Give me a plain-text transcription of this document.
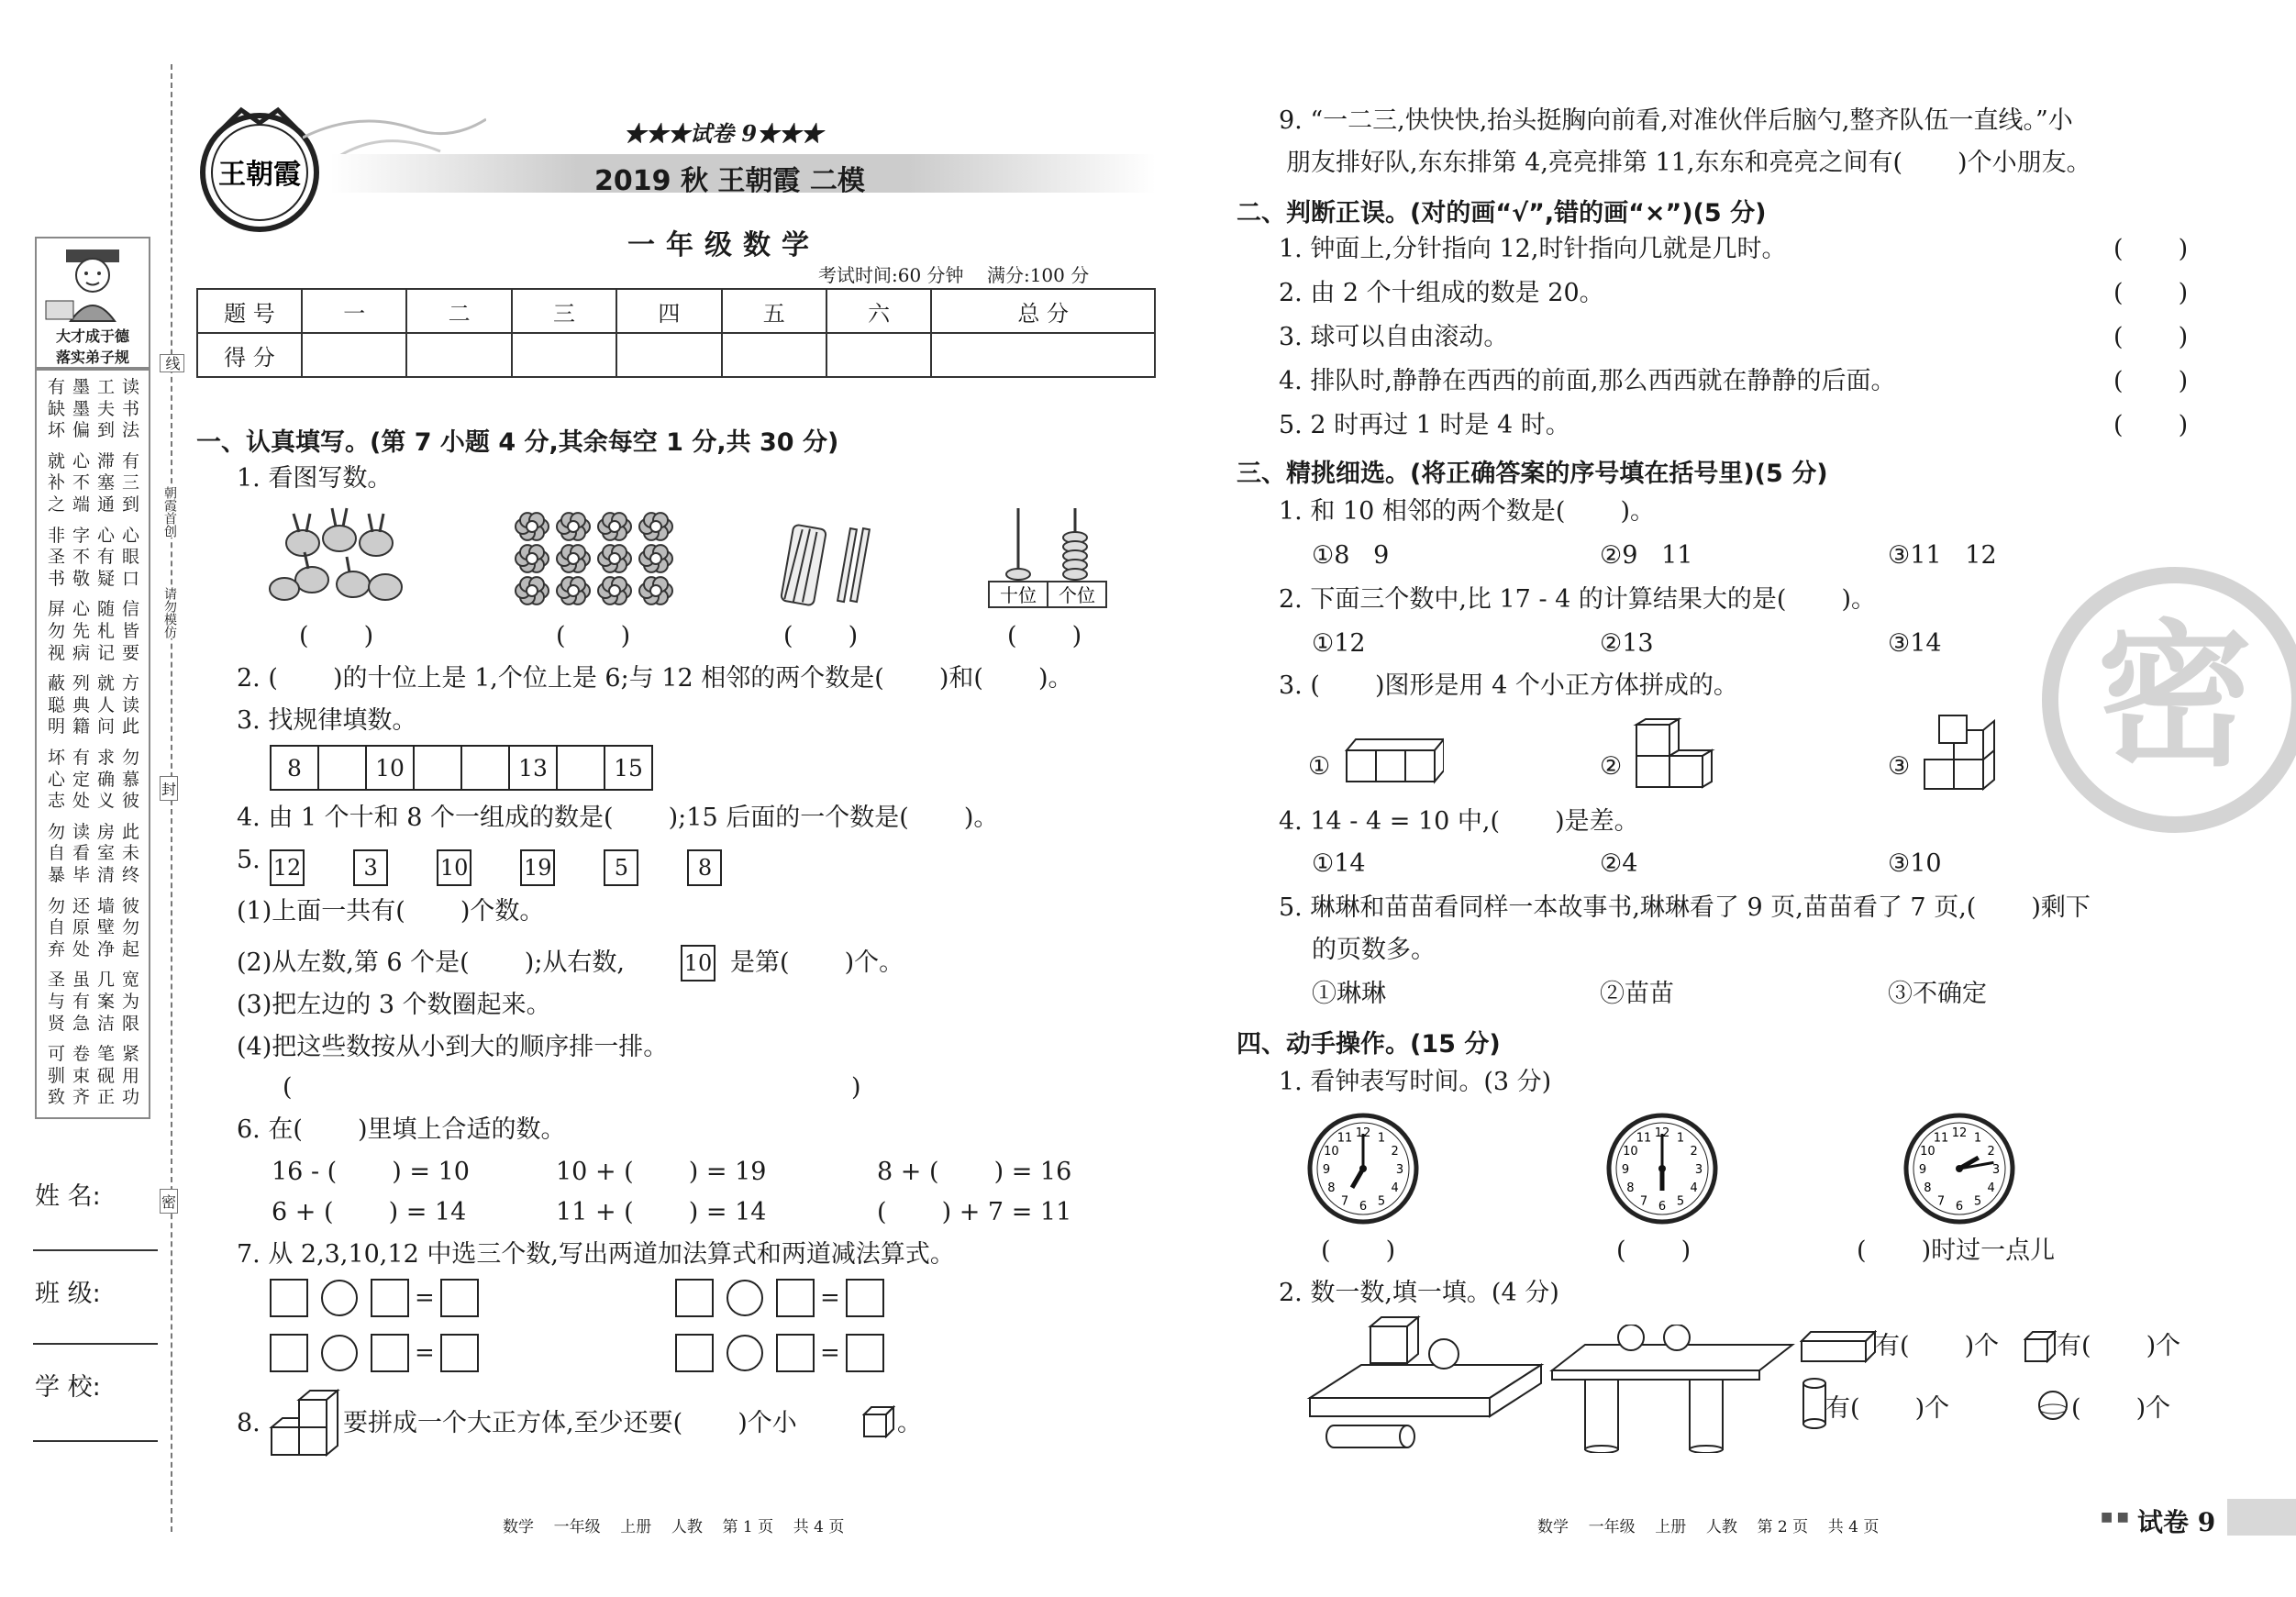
大才成于德
落实弟子规
有墨工读
缺墨夫书
坏偏到法
就心滞有
补不塞三
之端通到
非字心心
圣不有眼
书敬疑口
屏心随信
勿先札皆
视病记要
蔽列就方
聪典人读
明籍问此
坏有求勿
心定确慕
志处义彼
勿读房此
自看室未
暴毕清终
勿还墙彼
自原壁勿
弃处净起
圣虽几宽
与有案为
贤急洁限
可卷笔紧
驯束砚用
致齐正功
姓 名:
班 级:
学 校:
线
朝霞首创
请勿模仿
封
密
王朝霞
★★★试卷 9★★★
2019 秋 王朝霞 二模
一年级数学
考试时间:60 分钟    满分:100 分
题 号	一	二	三	四	五	六	总 分
得 分							
一、认真填写。(第 7 小题 4 分,其余每空 1 分,共 30 分)
1. 看图写数。
十位 个位
(       )	(       )	(       )	(       )
2. (       )的十位上是 1,个位上是 6;与 12 相邻的两个数是(       )和(       )。
3. 找规律填数。
8		10			13		15
4. 由 1 个十和 8 个一组成的数是(       );15 后面的一个数是(       )。
5. 12	3	10	19	5	8
(1)上面一共有(       )个数。
(2)从左数,第 6 个是(       );从右数,	10 是第(       )个。
(3)把左边的 3 个数圈起来。
(4)把这些数按从小到大的顺序排一排。
(	)
6. 在(       )里填上合适的数。
16 - (       ) = 10	10 + (       ) = 19	8 + (       ) = 16
6 + (       ) = 14	11 + (       ) = 14	(       ) + 7 = 11
7. 从 2,3,10,12 中选三个数,写出两道加法算式和两道减法算式。
=	=
=	=
8.	要拼成一个大正方体,至少还要(       )个小	。
数学    一年级    上册    人教    第 1 页    共 4 页
9. “一二三,快快快,抬头挺胸向前看,对准伙伴后脑勺,整齐队伍一直线。”小
朋友排好队,东东排第 4,亮亮排第 11,东东和亮亮之间有(       )个小朋友。
二、判断正误。(对的画“√”,错的画“×”)(5 分)
1. 钟面上,分针指向 12,时针指向几就是几时。	(       )
2. 由 2 个十组成的数是 20。	(       )
3. 球可以自由滚动。	(       )
4. 排队时,静静在西西的前面,那么西西就在静静的后面。	(       )
5. 2 时再过 1 时是 4 时。	(       )
三、精挑细选。(将正确答案的序号填在括号里)(5 分)
1. 和 10 相邻的两个数是(       )。
①8   9	②9   11	③11   12
2. 下面三个数中,比 17 - 4 的计算结果大的是(       )。
①12	②13	③14
3. (       )图形是用 4 个小正方体拼成的。
①	②	③
4. 14 - 4 = 10 中,(       )是差。
①14	②4	③10
5. 琳琳和苗苗看同样一本故事书,琳琳看了 9 页,苗苗看了 7 页,(       )剩下
的页数多。
①琳琳	②苗苗	③不确定
四、动手操作。(15 分)
1. 看钟表写时间。(3 分)
1
2
3
4
5
6
7
8
9
10
11 12	1
2
3
4
5
6
7
8
9
10
11 12	1
2
3
4
5
6
7
8
9
10
11 12
(       )	(       )	(       )时过一点儿
2. 数一数,填一填。(4 分)
有(       )个 有(       )个
有(       )个	(       )个
密
数学    一年级    上册    人教    第 2 页    共 4 页
■ ■ 试卷 9
